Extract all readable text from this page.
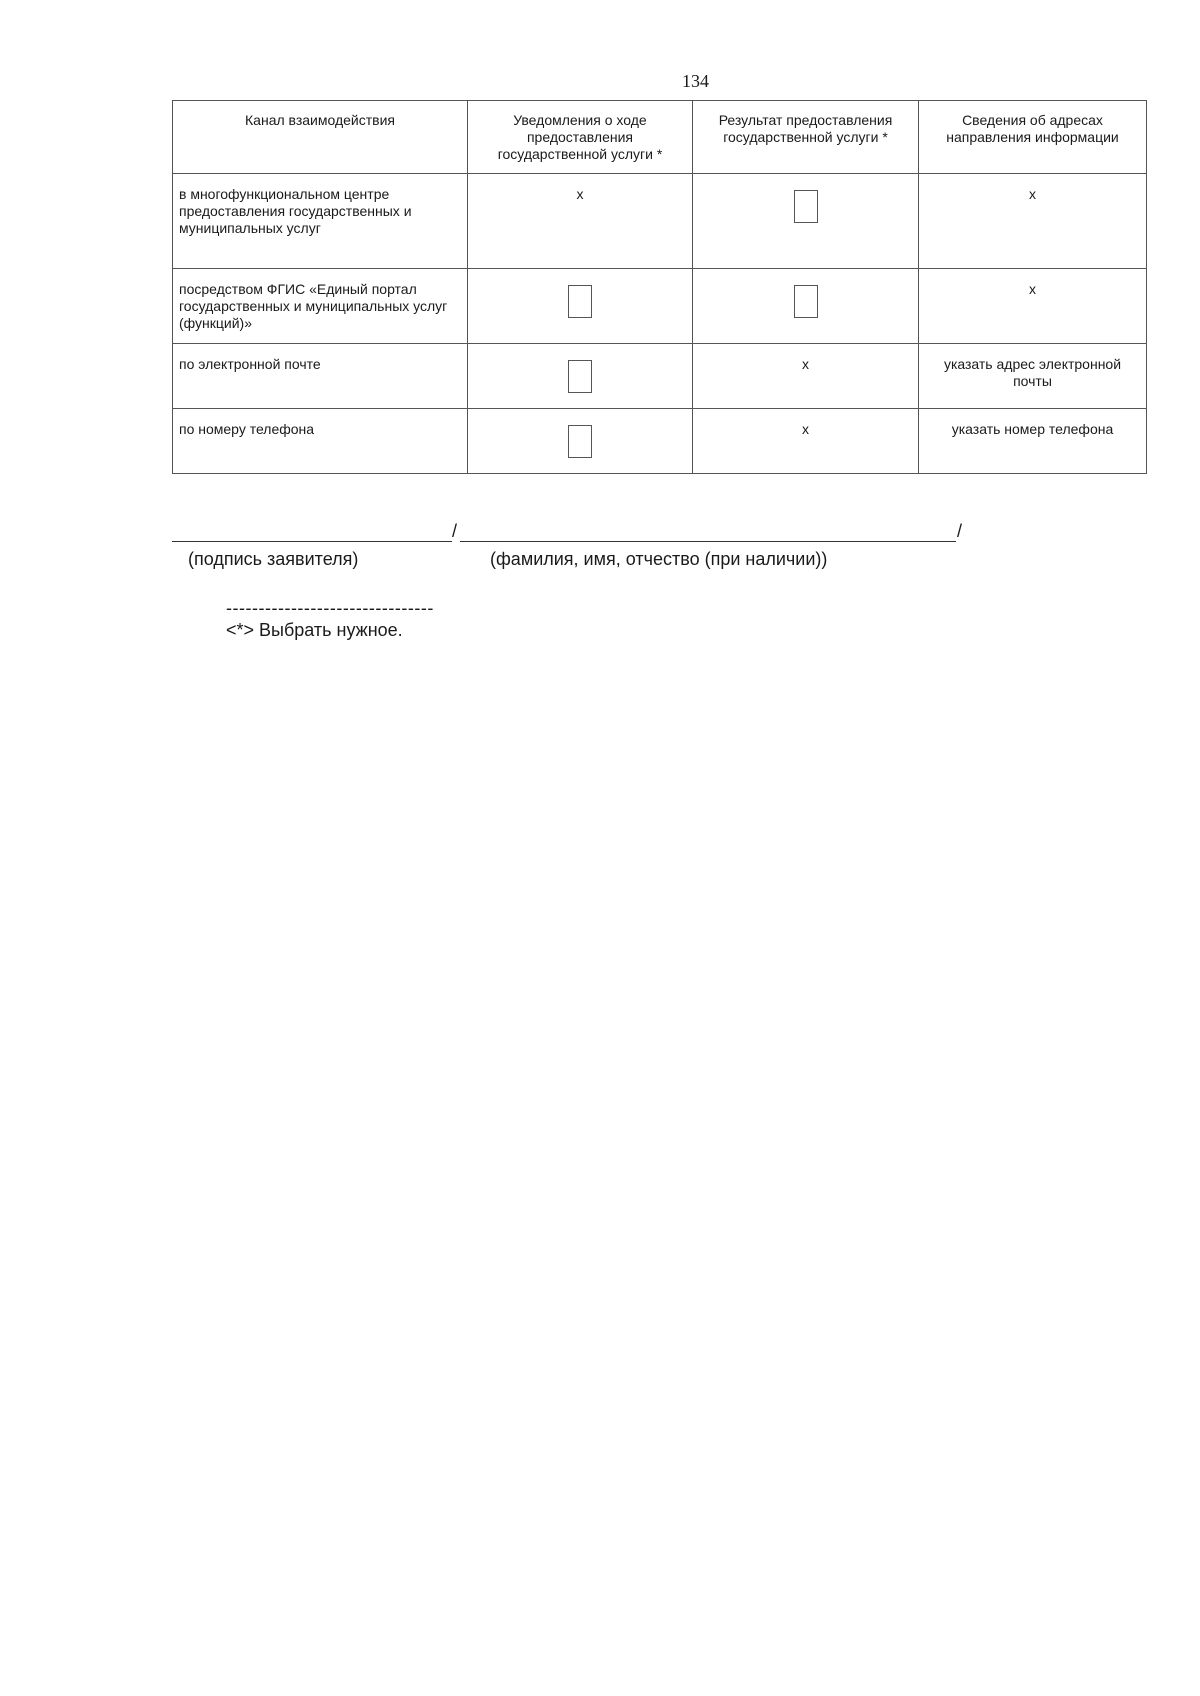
134
Канал взаимодействия	Уведомления о ходе предоставления государственной услуги *	Результат предоставления государственной услуги *	Сведения об адресах направления информации
в многофункциональном центре предоставления государственных и муниципальных услуг	х		х
посредством ФГИС «Единый портал государственных и муниципальных услуг (функций)»			х
по электронной почте		х	указать адрес электронной почты
по номеру телефона		х	указать номер телефона
/	/
(подпись заявителя)	(фамилия, имя, отчество (при наличии))
--------------------------------
<*> Выбрать нужное.
